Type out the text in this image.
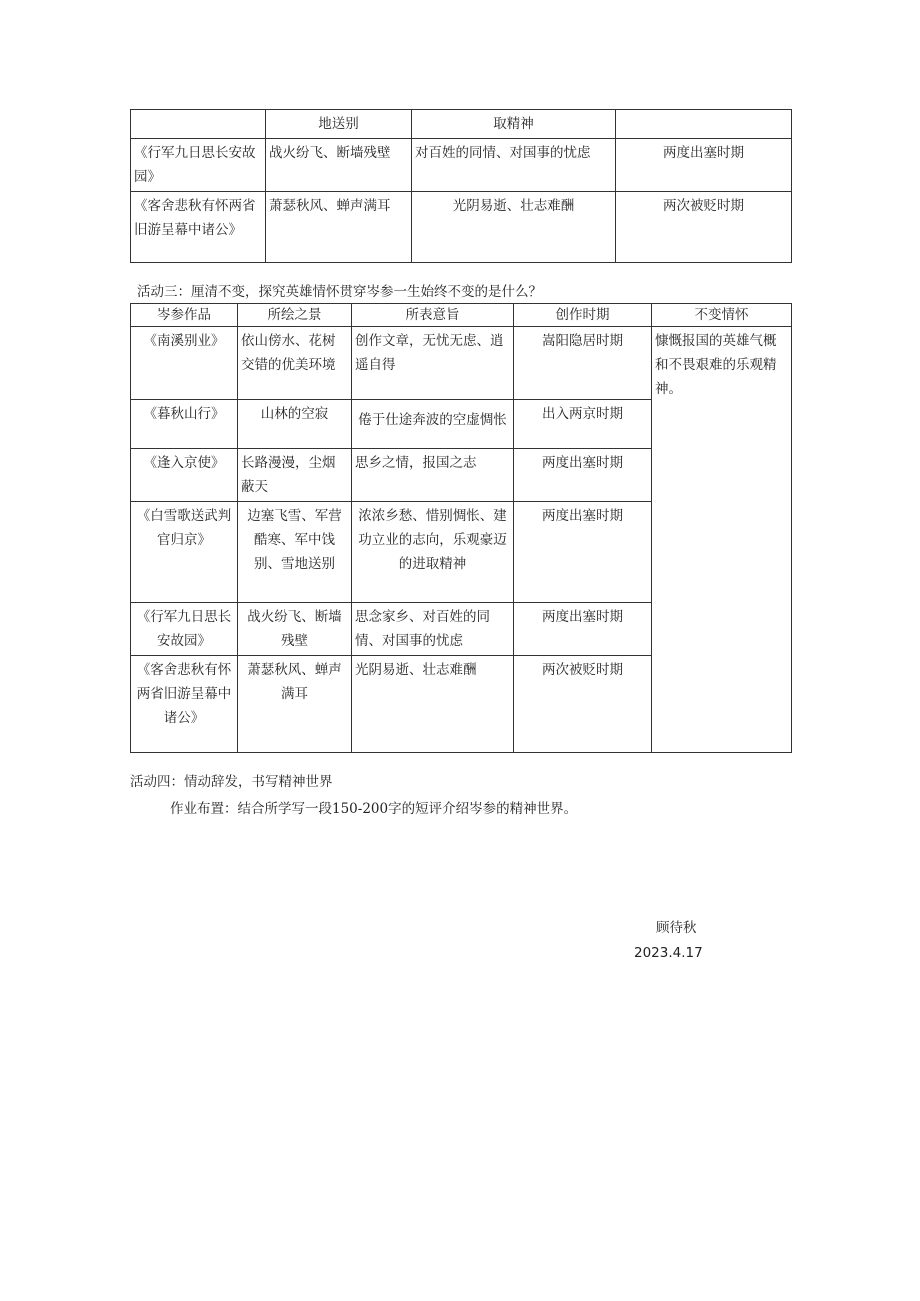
	地送别	取精神	
《行军九日思长安故园》	战火纷飞、断墙残壁	对百姓的同情、对国事的忧虑	两度出塞时期
《客舍悲秋有怀两省旧游呈幕中诸公》	萧瑟秋风、蝉声满耳	光阴易逝、壮志难酬	两次被贬时期
活动三：厘清不变，探究英雄情怀贯穿岑参一生始终不变的是什么？
岑参作品	所绘之景	所表意旨	创作时期	不变情怀
《南溪别业》	依山傍水、花树交错的优美环境	创作文章，无忧无虑、逍遥自得	嵩阳隐居时期	慷慨报国的英雄气概和不畏艰难的乐观精神。
《暮秋山行》	山林的空寂	倦于仕途奔波的空虚惆怅	出入两京时期	
《逢入京使》	长路漫漫，尘烟蔽天	思乡之情，报国之志	两度出塞时期	
《白雪歌送武判官归京》	边塞飞雪、军营酷寒、军中饯别、雪地送别	浓浓乡愁、惜别惆怅、建功立业的志向，乐观豪迈的进取精神	两度出塞时期	
《行军九日思长安故园》	战火纷飞、断墙残壁	思念家乡、对百姓的同情、对国事的忧虑	两度出塞时期	
《客舍悲秋有怀两省旧游呈幕中诸公》	萧瑟秋风、蝉声满耳	光阴易逝、壮志难酬	两次被贬时期	
活动四：情动辞发，书写精神世界
作业布置：结合所学写一段150-200字的短评介绍岑参的精神世界。
顾待秋
2023.4.17
